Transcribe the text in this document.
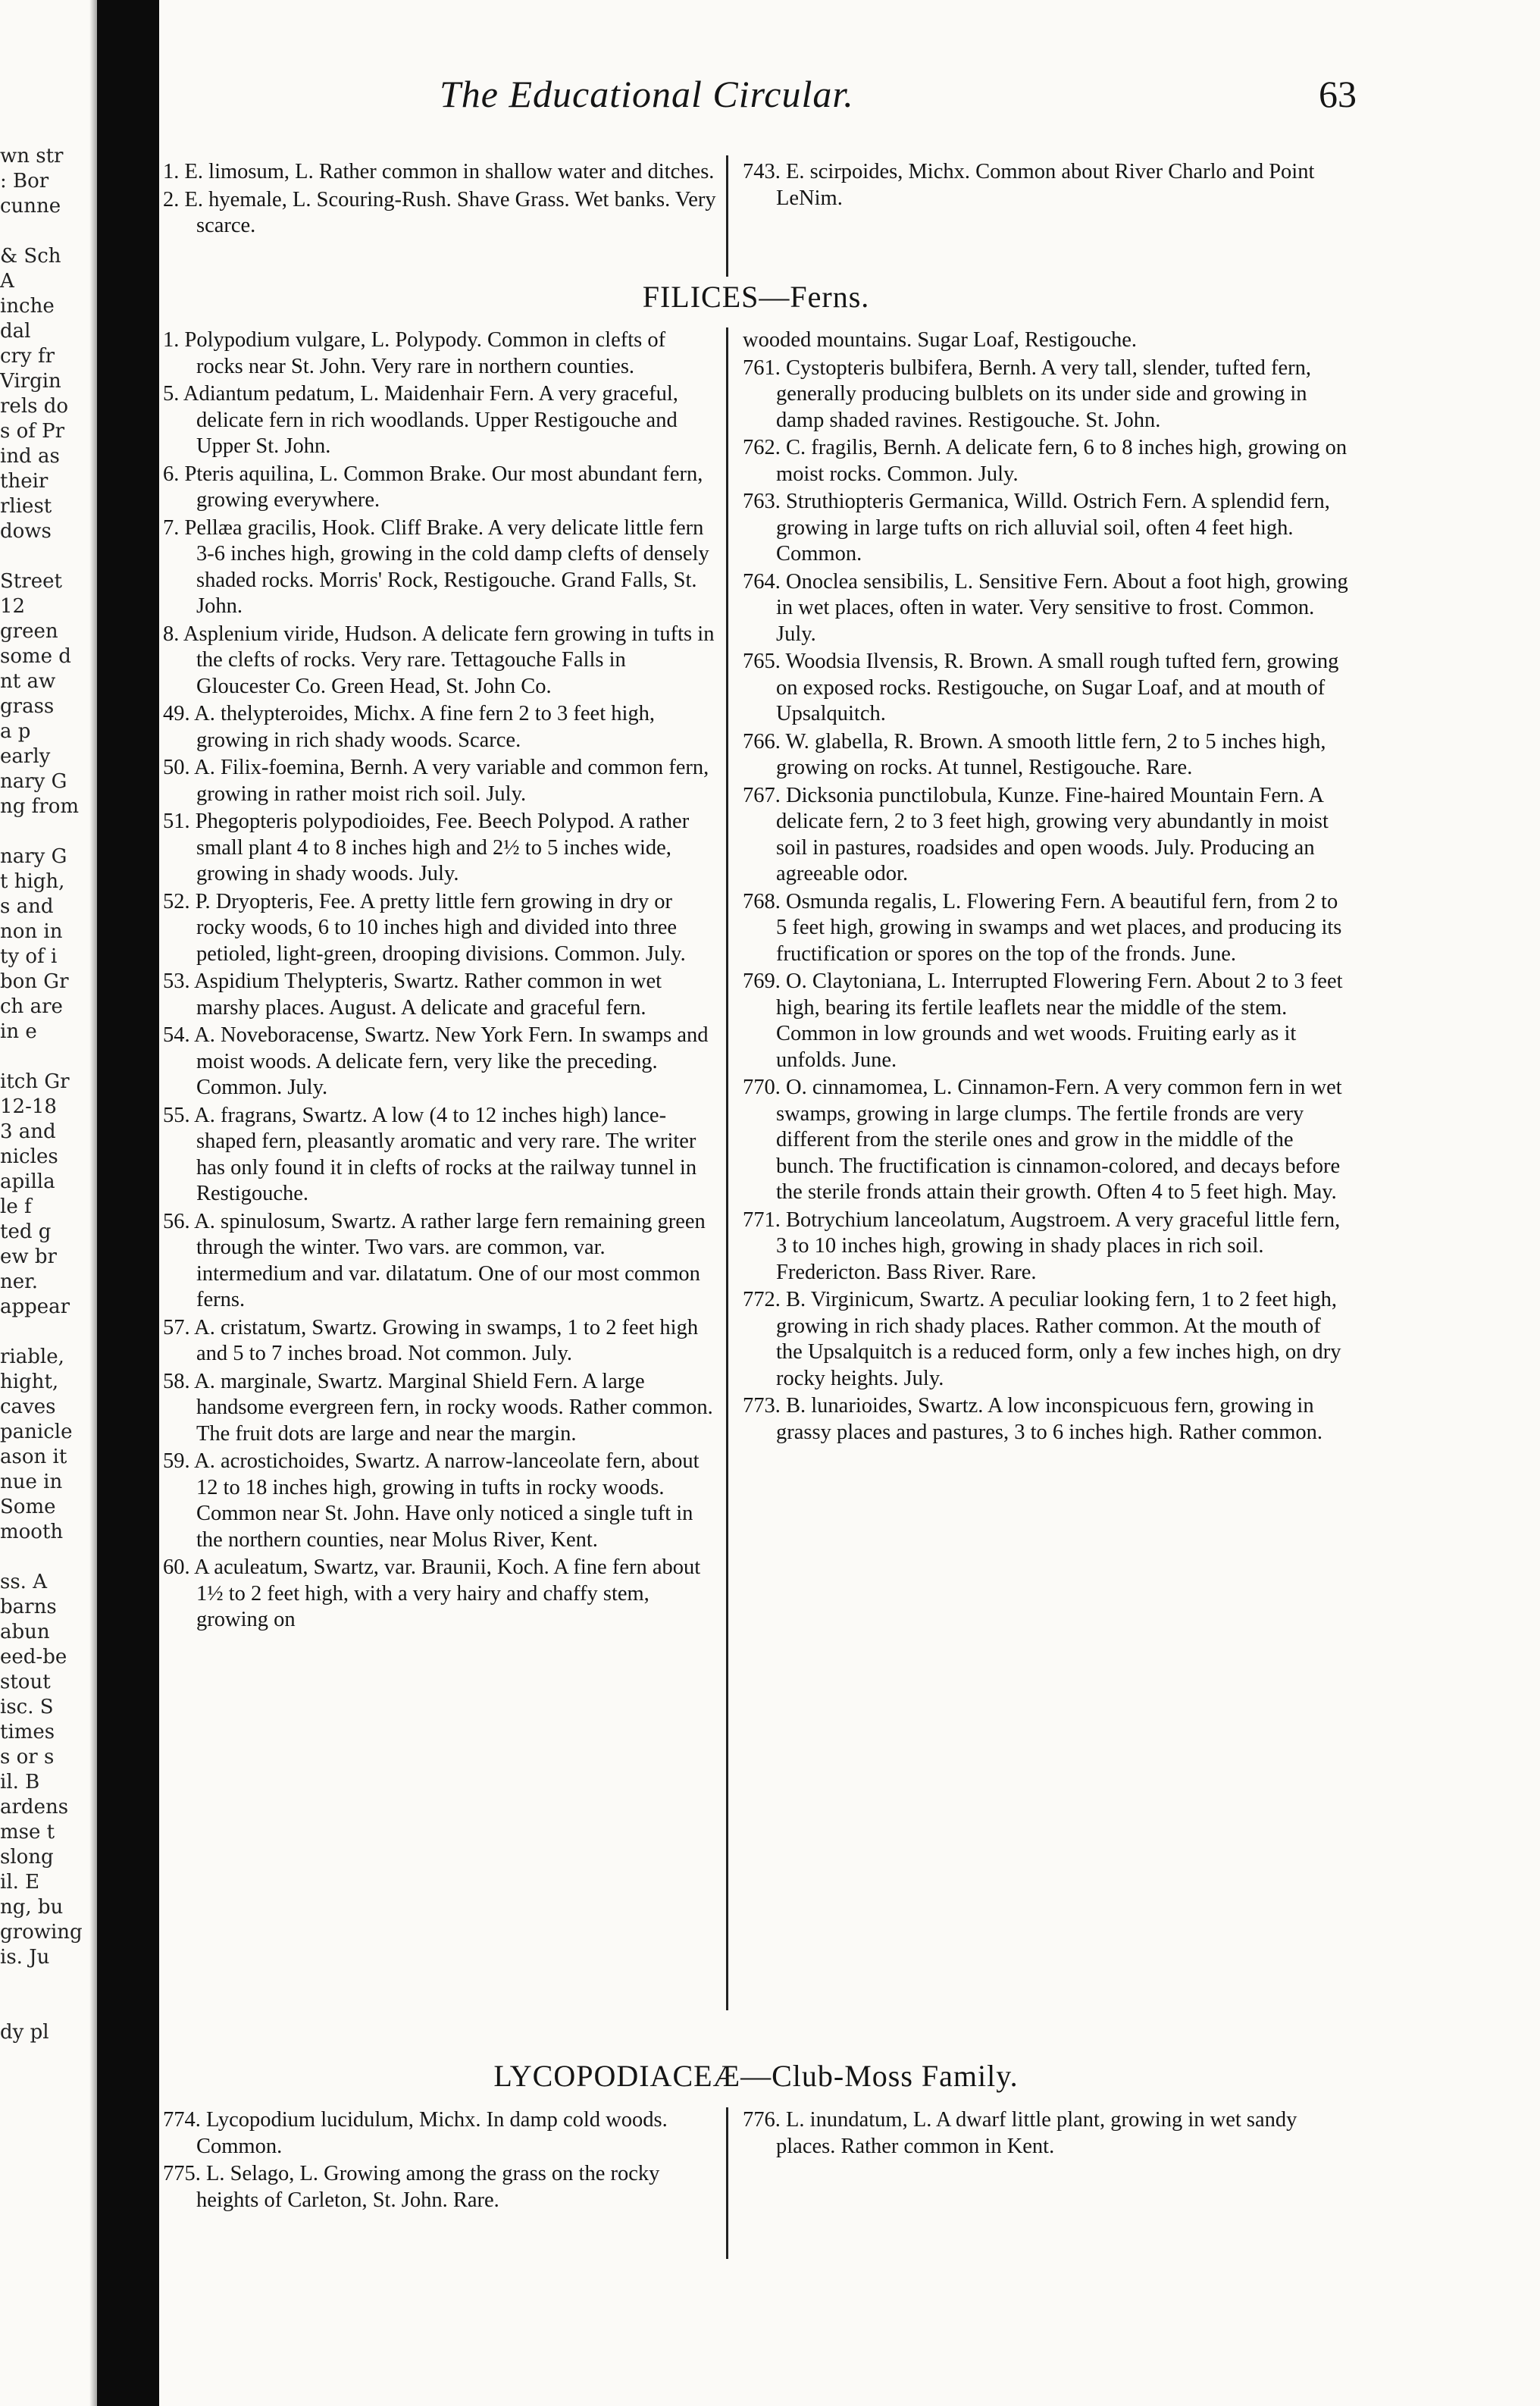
wn str
: Bor
cunne

& Sch
A
inche
dal
cry fr
Virgin
rels do
s of Pr
ind as
their
rliest
dows

Street
12
green
some d
nt aw
grass
a p
early
nary G
ng from

nary G
t high,
s and
non in
ty of i
bon Gr
ch are
in e

itch Gr
12-18
3 and
nicles
apilla
le f
ted g
ew br
ner.
appear

riable,
hight,
caves
panicle
ason it
nue in
Some
mooth

ss. A
barns
abun
eed-be
stout
isc. S
times
s or s
il. B
ardens
mse t
slong
il. E
ng, bu
growing
is. Ju

dy pl
The Educational Circular.	63
1. E. limosum, L. Rather common in shallow water and ditches.
2. E. hyemale, L. Scouring-Rush. Shave Grass. Wet banks. Very scarce.
743. E. scirpoides, Michx. Common about River Charlo and Point LeNim.
FILICES—Ferns.
1. Polypodium vulgare, L. Polypody. Common in clefts of rocks near St. John. Very rare in northern counties.
5. Adiantum pedatum, L. Maidenhair Fern. A very graceful, delicate fern in rich woodlands. Upper Restigouche and Upper St. John.
6. Pteris aquilina, L. Common Brake. Our most abundant fern, growing everywhere.
7. Pellæa gracilis, Hook. Cliff Brake. A very delicate little fern 3-6 inches high, growing in the cold damp clefts of densely shaded rocks. Morris' Rock, Restigouche. Grand Falls, St. John.
8. Asplenium viride, Hudson. A delicate fern growing in tufts in the clefts of rocks. Very rare. Tettagouche Falls in Gloucester Co. Green Head, St. John Co.
49. A. thelypteroides, Michx. A fine fern 2 to 3 feet high, growing in rich shady woods. Scarce.
50. A. Filix-foemina, Bernh. A very variable and common fern, growing in rather moist rich soil. July.
51. Phegopteris polypodioides, Fee. Beech Polypod. A rather small plant 4 to 8 inches high and 2½ to 5 inches wide, growing in shady woods. July.
52. P. Dryopteris, Fee. A pretty little fern growing in dry or rocky woods, 6 to 10 inches high and divided into three petioled, light-green, drooping divisions. Common. July.
53. Aspidium Thelypteris, Swartz. Rather common in wet marshy places. August. A delicate and graceful fern.
54. A. Noveboracense, Swartz. New York Fern. In swamps and moist woods. A delicate fern, very like the preceding. Common. July.
55. A. fragrans, Swartz. A low (4 to 12 inches high) lance-shaped fern, pleasantly aromatic and very rare. The writer has only found it in clefts of rocks at the railway tunnel in Restigouche.
56. A. spinulosum, Swartz. A rather large fern remaining green through the winter. Two vars. are common, var. intermedium and var. dilatatum. One of our most common ferns.
57. A. cristatum, Swartz. Growing in swamps, 1 to 2 feet high and 5 to 7 inches broad. Not common. July.
58. A. marginale, Swartz. Marginal Shield Fern. A large handsome evergreen fern, in rocky woods. Rather common. The fruit dots are large and near the margin.
59. A. acrostichoides, Swartz. A narrow-lanceolate fern, about 12 to 18 inches high, growing in tufts in rocky woods. Common near St. John. Have only noticed a single tuft in the northern counties, near Molus River, Kent.
60. A aculeatum, Swartz, var. Braunii, Koch. A fine fern about 1½ to 2 feet high, with a very hairy and chaffy stem, growing on
wooded mountains. Sugar Loaf, Restigouche.
761. Cystopteris bulbifera, Bernh. A very tall, slender, tufted fern, generally producing bulblets on its under side and growing in damp shaded ravines. Restigouche. St. John.
762. C. fragilis, Bernh. A delicate fern, 6 to 8 inches high, growing on moist rocks. Common. July.
763. Struthiopteris Germanica, Willd. Ostrich Fern. A splendid fern, growing in large tufts on rich alluvial soil, often 4 feet high. Common.
764. Onoclea sensibilis, L. Sensitive Fern. About a foot high, growing in wet places, often in water. Very sensitive to frost. Common. July.
765. Woodsia Ilvensis, R. Brown. A small rough tufted fern, growing on exposed rocks. Restigouche, on Sugar Loaf, and at mouth of Upsalquitch.
766. W. glabella, R. Brown. A smooth little fern, 2 to 5 inches high, growing on rocks. At tunnel, Restigouche. Rare.
767. Dicksonia punctilobula, Kunze. Fine-haired Mountain Fern. A delicate fern, 2 to 3 feet high, growing very abundantly in moist soil in pastures, roadsides and open woods. July. Producing an agreeable odor.
768. Osmunda regalis, L. Flowering Fern. A beautiful fern, from 2 to 5 feet high, growing in swamps and wet places, and producing its fructification or spores on the top of the fronds. June.
769. O. Claytoniana, L. Interrupted Flowering Fern. About 2 to 3 feet high, bearing its fertile leaflets near the middle of the stem. Common in low grounds and wet woods. Fruiting early as it unfolds. June.
770. O. cinnamomea, L. Cinnamon-Fern. A very common fern in wet swamps, growing in large clumps. The fertile fronds are very different from the sterile ones and grow in the middle of the bunch. The fructification is cinnamon-colored, and decays before the sterile fronds attain their growth. Often 4 to 5 feet high. May.
771. Botrychium lanceolatum, Augstroem. A very graceful little fern, 3 to 10 inches high, growing in shady places in rich soil. Fredericton. Bass River. Rare.
772. B. Virginicum, Swartz. A peculiar looking fern, 1 to 2 feet high, growing in rich shady places. Rather common. At the mouth of the Upsalquitch is a reduced form, only a few inches high, on dry rocky heights. July.
773. B. lunarioides, Swartz. A low inconspicuous fern, growing in grassy places and pastures, 3 to 6 inches high. Rather common.
LYCOPODIACEÆ—Club-Moss Family.
774. Lycopodium lucidulum, Michx. In damp cold woods. Common.
775. L. Selago, L. Growing among the grass on the rocky heights of Carleton, St. John. Rare.
776. L. inundatum, L. A dwarf little plant, growing in wet sandy places. Rather common in Kent.
